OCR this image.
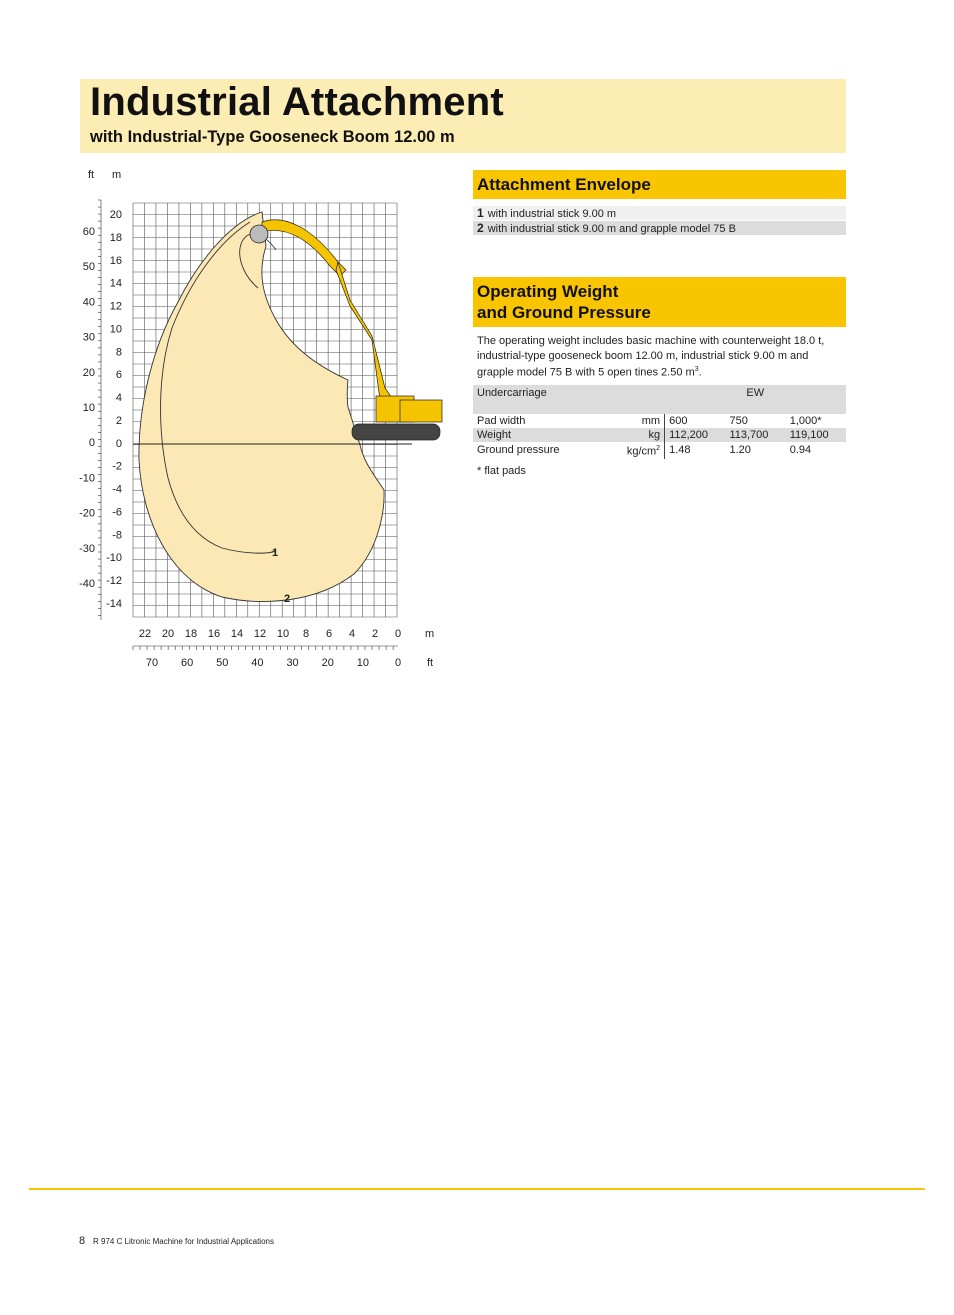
Industrial Attachment
with Industrial-Type Gooseneck Boom 12.00 m
1
2
ft m
m
ft
20
18
16
14
12
10
8
6
4
2
0
-2
-4
-6
-8
-10
-12
-14
60
50
40
30
20
10
0
-10
-20
-30
-40
22 20 18 16 14 12 10 8 6 4 2 0
70 60 50 40 30 20 10 0
Attachment Envelope
1 with industrial stick 9.00 m
2 with industrial stick 9.00 m and grapple model 75 B
Operating Weight
and Ground Pressure
The operating weight includes basic machine with counterweight 18.0 t, industrial-type gooseneck boom 12.00 m, industrial stick 9.00 m and grapple model 75 B with 5 open tines 2.50 $m^3$.
Undercarriage		EW		
Pad width	mm	600	750	1,000*
Weight	kg	112,200	113,700	119,100
Ground pressure	$kg/cm^2$	1.48	1.20	0.94
* flat pads
8 R 974 C Litronic Machine for Industrial Applications
